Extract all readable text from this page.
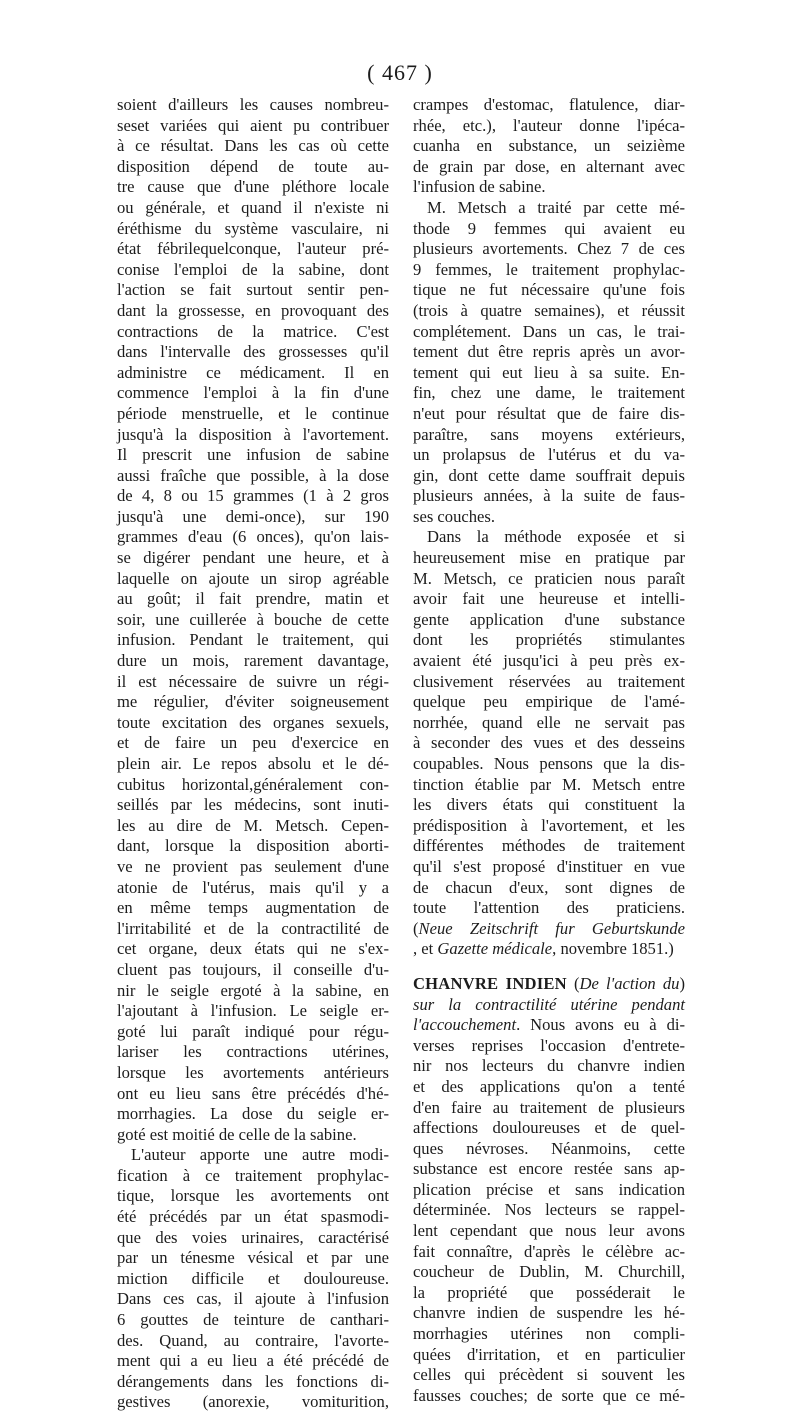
( 467 )
soient d'ailleurs les causes nombreu-
seset variées qui aient pu contribuer
à ce résultat. Dans les cas où cette
disposition dépend de toute au-
tre cause que d'une pléthore locale
ou générale, et quand il n'existe ni
éréthisme du système vasculaire, ni
état fébrilequelconque, l'auteur pré-
conise l'emploi de la sabine, dont
l'action se fait surtout sentir pen-
dant la grossesse, en provoquant des
contractions de la matrice. C'est
dans l'intervalle des grossesses qu'il
administre ce médicament. Il en
commence l'emploi à la fin d'une
période menstruelle, et le continue
jusqu'à la disposition à l'avortement.
Il prescrit une infusion de sabine
aussi fraîche que possible, à la dose
de 4, 8 ou 15 grammes (1 à 2 gros
jusqu'à une demi-once), sur 190
grammes d'eau (6 onces), qu'on lais-
se digérer pendant une heure, et à
laquelle on ajoute un sirop agréable
au goût; il fait prendre, matin et
soir, une cuillerée à bouche de cette
infusion. Pendant le traitement, qui
dure un mois, rarement davantage,
il est nécessaire de suivre un régi-
me régulier, d'éviter soigneusement
toute excitation des organes sexuels,
et de faire un peu d'exercice en
plein air. Le repos absolu et le dé-
cubitus horizontal,généralement con-
seillés par les médecins, sont inuti-
les au dire de M. Metsch. Cepen-
dant, lorsque la disposition aborti-
ve ne provient pas seulement d'une
atonie de l'utérus, mais qu'il y a
en même temps augmentation de
l'irritabilité et de la contractilité de
cet organe, deux états qui ne s'ex-
cluent pas toujours, il conseille d'u-
nir le seigle ergoté à la sabine, en
l'ajoutant à l'infusion. Le seigle er-
goté lui paraît indiqué pour régu-
lariser les contractions utérines,
lorsque les avortements antérieurs
ont eu lieu sans être précédés d'hé-
morrhagies. La dose du seigle er-
goté est moitié de celle de la sabine.
L'auteur apporte une autre modi-
fication à ce traitement prophylac-
tique, lorsque les avortements ont
été précédés par un état spasmodi-
que des voies urinaires, caractérisé
par un ténesme vésical et par une
miction difficile et douloureuse.
Dans ces cas, il ajoute à l'infusion
6 gouttes de teinture de canthari-
des. Quand, au contraire, l'avorte-
ment qui a eu lieu a été précédé de
dérangements dans les fonctions di-
gestives (anorexie, vomiturition,
crampes d'estomac, flatulence, diar-
rhée, etc.), l'auteur donne l'ipéca-
cuanha en substance, un seizième
de grain par dose, en alternant avec
l'infusion de sabine.
M. Metsch a traité par cette mé-
thode 9 femmes qui avaient eu
plusieurs avortements. Chez 7 de ces
9 femmes, le traitement prophylac-
tique ne fut nécessaire qu'une fois
(trois à quatre semaines), et réussit
complétement. Dans un cas, le trai-
tement dut être repris après un avor-
tement qui eut lieu à sa suite. En-
fin, chez une dame, le traitement
n'eut pour résultat que de faire dis-
paraître, sans moyens extérieurs,
un prolapsus de l'utérus et du va-
gin, dont cette dame souffrait depuis
plusieurs années, à la suite de faus-
ses couches.
Dans la méthode exposée et si
heureusement mise en pratique par
M. Metsch, ce praticien nous paraît
avoir fait une heureuse et intelli-
gente application d'une substance
dont les propriétés stimulantes
avaient été jusqu'ici à peu près ex-
clusivement réservées au traitement
quelque peu empirique de l'amé-
norrhée, quand elle ne servait pas
à seconder des vues et des desseins
coupables. Nous pensons que la dis-
tinction établie par M. Metsch entre
les divers états qui constituent la
prédisposition à l'avortement, et les
différentes méthodes de traitement
qu'il s'est proposé d'instituer en vue
de chacun d'eux, sont dignes de
toute l'attention des praticiens.
(Neue Zeitschrift fur Geburtskunde
, et Gazette médicale, novembre 1851.)
CHANVRE INDIEN (De l'action du)
sur la contractilité utérine pendant
l'accouchement. Nous avons eu à di-
verses reprises l'occasion d'entrete-
nir nos lecteurs du chanvre indien
et des applications qu'on a tenté
d'en faire au traitement de plusieurs
affections douloureuses et de quel-
ques névroses. Néanmoins, cette
substance est encore restée sans ap-
plication précise et sans indication
déterminée. Nos lecteurs se rappel-
lent cependant que nous leur avons
fait connaître, d'après le célèbre ac-
coucheur de Dublin, M. Churchill,
la propriété que posséderait le
chanvre indien de suspendre les hé-
morrhagies utérines non compli-
quées d'irritation, et en particulier
celles qui précèdent si souvent les
fausses couches; de sorte que ce mé-
